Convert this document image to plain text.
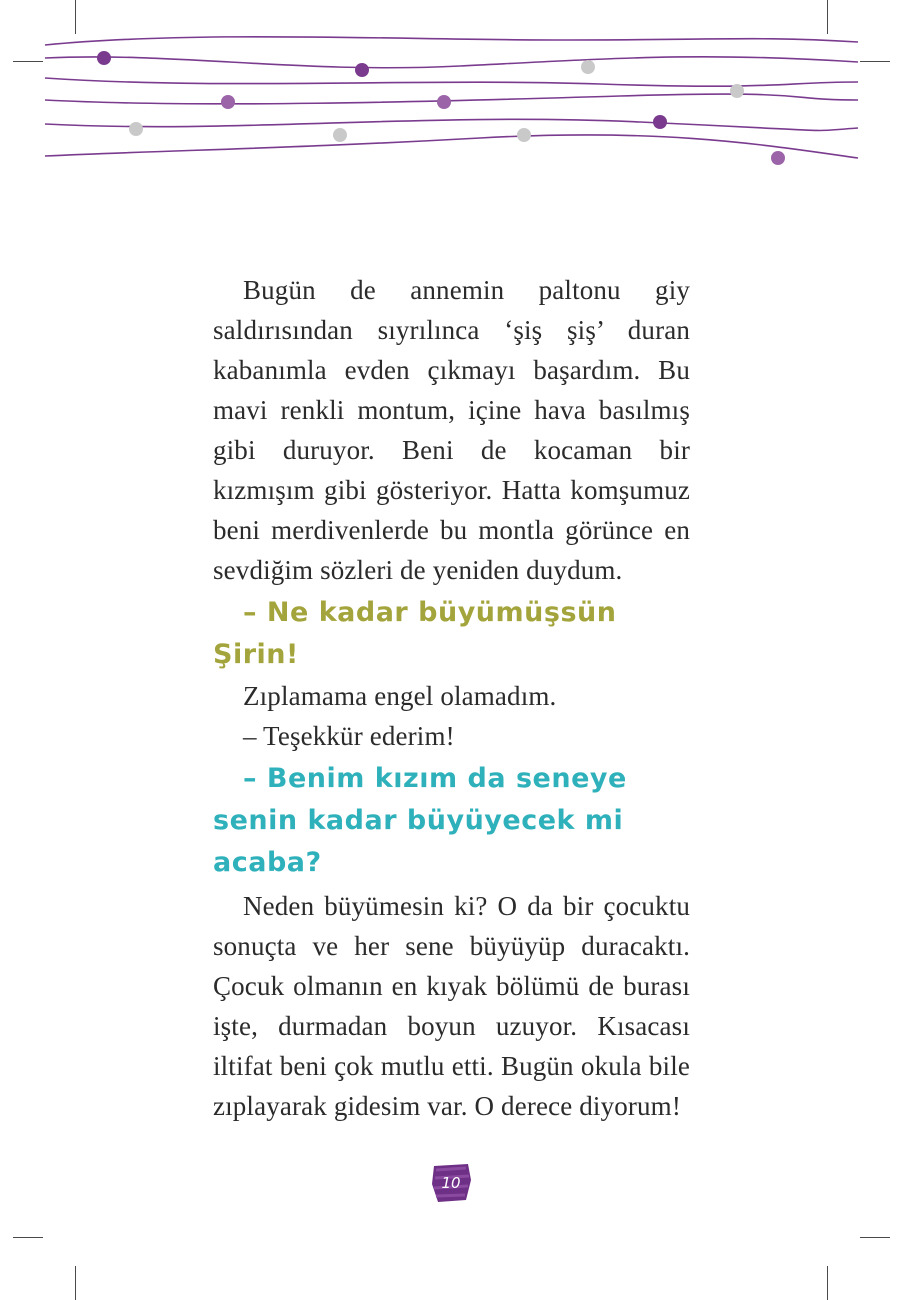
Bugün de annemin paltonu giy saldırısından sıyrılınca ‘şiş şiş’ duran kabanımla evden çıkmayı başardım. Bu mavi renkli montum, içine hava basılmış gibi duruyor. Beni de kocaman bir kızmışım gibi gösteriyor. Hatta komşumuz beni merdivenlerde bu montla görünce en sevdiğim sözleri de yeniden duydum.

– Ne kadar büyümüşsün Şirin!

Zıplamama engel olamadım.

– Teşekkür ederim!

– Benim kızım da seneye senin kadar büyüyecek mi acaba?

Neden büyümesin ki? O da bir çocuktu sonuçta ve her sene büyüyüp duracaktı. Çocuk olmanın en kıyak bölümü de burası işte, durmadan boyun uzuyor. Kısacası iltifat beni çok mutlu etti. Bugün okula bile zıplayarak gidesim var. O derece diyorum!

10
